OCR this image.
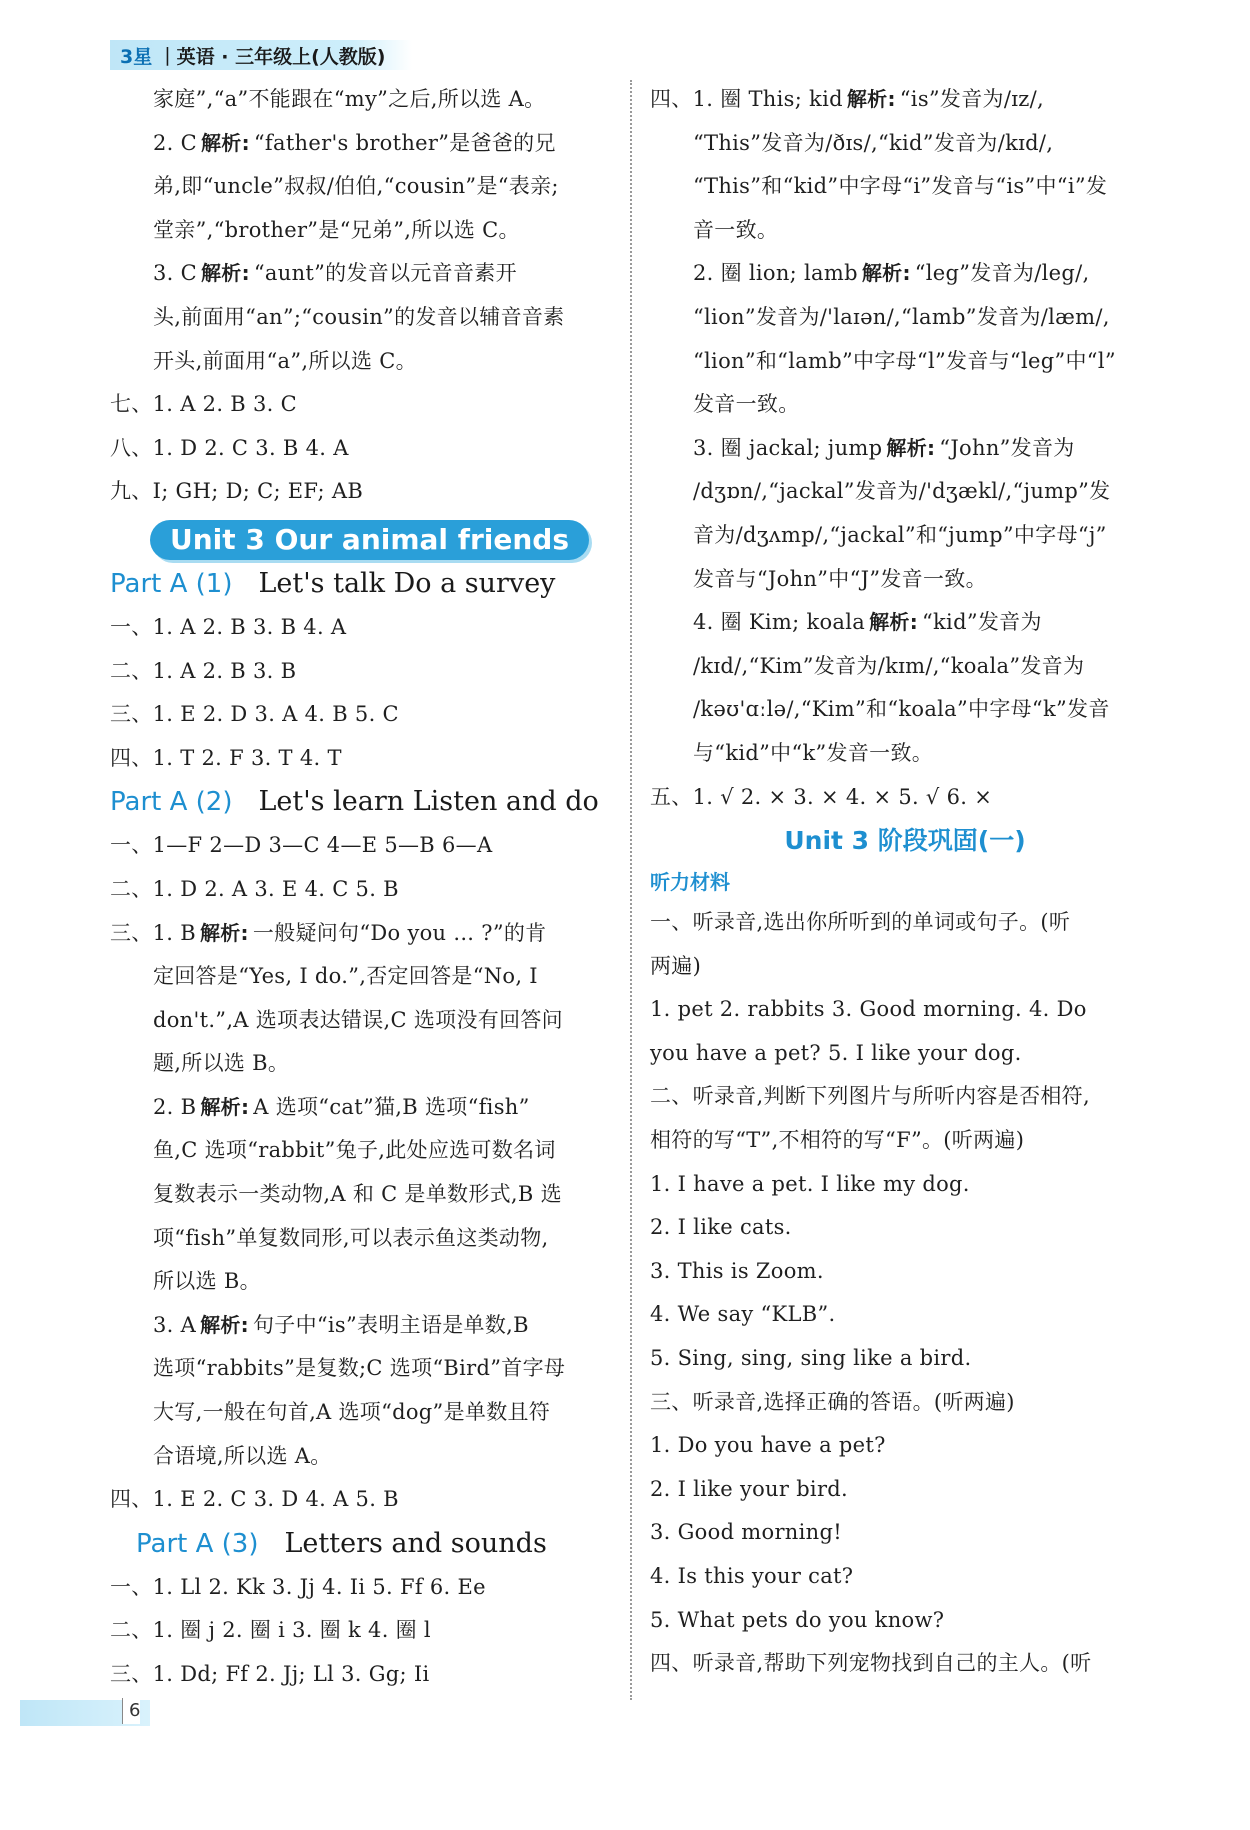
3星 | 英语 · 三年级上(人教版)
家庭”,“a”不能跟在“my”之后,所以选 A。
2. C 解析: “father's brother”是爸爸的兄
弟,即“uncle”叔叔/伯伯,“cousin”是“表亲;
堂亲”,“brother”是“兄弟”,所以选 C。
3. C 解析: “aunt”的发音以元音音素开
头,前面用“an”;“cousin”的发音以辅音音素
开头,前面用“a”,所以选 C。
七、1. A 2. B 3. C
八、1. D 2. C 3. B 4. A
九、I; GH; D; C; EF; AB
Unit 3 Our animal friends
Part A (1) Let's talk Do a survey
一、1. A 2. B 3. B 4. A
二、1. A 2. B 3. B
三、1. E 2. D 3. A 4. B 5. C
四、1. T 2. F 3. T 4. T
Part A (2) Let's learn Listen and do
一、1—F 2—D 3—C 4—E 5—B 6—A
二、1. D 2. A 3. E 4. C 5. B
三、1. B 解析: 一般疑问句“Do you ... ?”的肯
定回答是“Yes, I do.”,否定回答是“No, I
don't.”,A 选项表达错误,C 选项没有回答问
题,所以选 B。
2. B 解析: A 选项“cat”猫,B 选项“fish”
鱼,C 选项“rabbit”兔子,此处应选可数名词
复数表示一类动物,A 和 C 是单数形式,B 选
项“fish”单复数同形,可以表示鱼这类动物,
所以选 B。
3. A 解析: 句子中“is”表明主语是单数,B
选项“rabbits”是复数;C 选项“Bird”首字母
大写,一般在句首,A 选项“dog”是单数且符
合语境,所以选 A。
四、1. E 2. C 3. D 4. A 5. B
Part A (3) Letters and sounds
一、1. Ll 2. Kk 3. Jj 4. Ii 5. Ff 6. Ee
二、1. 圈 j 2. 圈 i 3. 圈 k 4. 圈 l
三、1. Dd; Ff 2. Jj; Ll 3. Gg; Ii
四、1. 圈 This; kid 解析: “is”发音为/ɪz/,
“This”发音为/ðɪs/,“kid”发音为/kɪd/,
“This”和“kid”中字母“i”发音与“is”中“i”发
音一致。
2. 圈 lion; lamb 解析: “leg”发音为/leg/,
“lion”发音为/'laɪən/,“lamb”发音为/læm/,
“lion”和“lamb”中字母“l”发音与“leg”中“l”
发音一致。
3. 圈 jackal; jump 解析: “John”发音为
/dʒɒn/,“jackal”发音为/'dʒækl/,“jump”发
音为/dʒʌmp/,“jackal”和“jump”中字母“j”
发音与“John”中“J”发音一致。
4. 圈 Kim; koala 解析: “kid”发音为
/kɪd/,“Kim”发音为/kɪm/,“koala”发音为
/kəʊ'ɑːlə/,“Kim”和“koala”中字母“k”发音
与“kid”中“k”发音一致。
五、1. √ 2. × 3. × 4. × 5. √ 6. ×
Unit 3 阶段巩固(一)
听力材料
一、听录音,选出你所听到的单词或句子。(听
两遍)
1. pet 2. rabbits 3. Good morning. 4. Do
you have a pet? 5. I like your dog.
二、听录音,判断下列图片与所听内容是否相符,
相符的写“T”,不相符的写“F”。(听两遍)
1. I have a pet. I like my dog.
2. I like cats.
3. This is Zoom.
4. We say “KLB”.
5. Sing, sing, sing like a bird.
三、听录音,选择正确的答语。(听两遍)
1. Do you have a pet?
2. I like your bird.
3. Good morning!
4. Is this your cat?
5. What pets do you know?
四、听录音,帮助下列宠物找到自己的主人。(听
6
